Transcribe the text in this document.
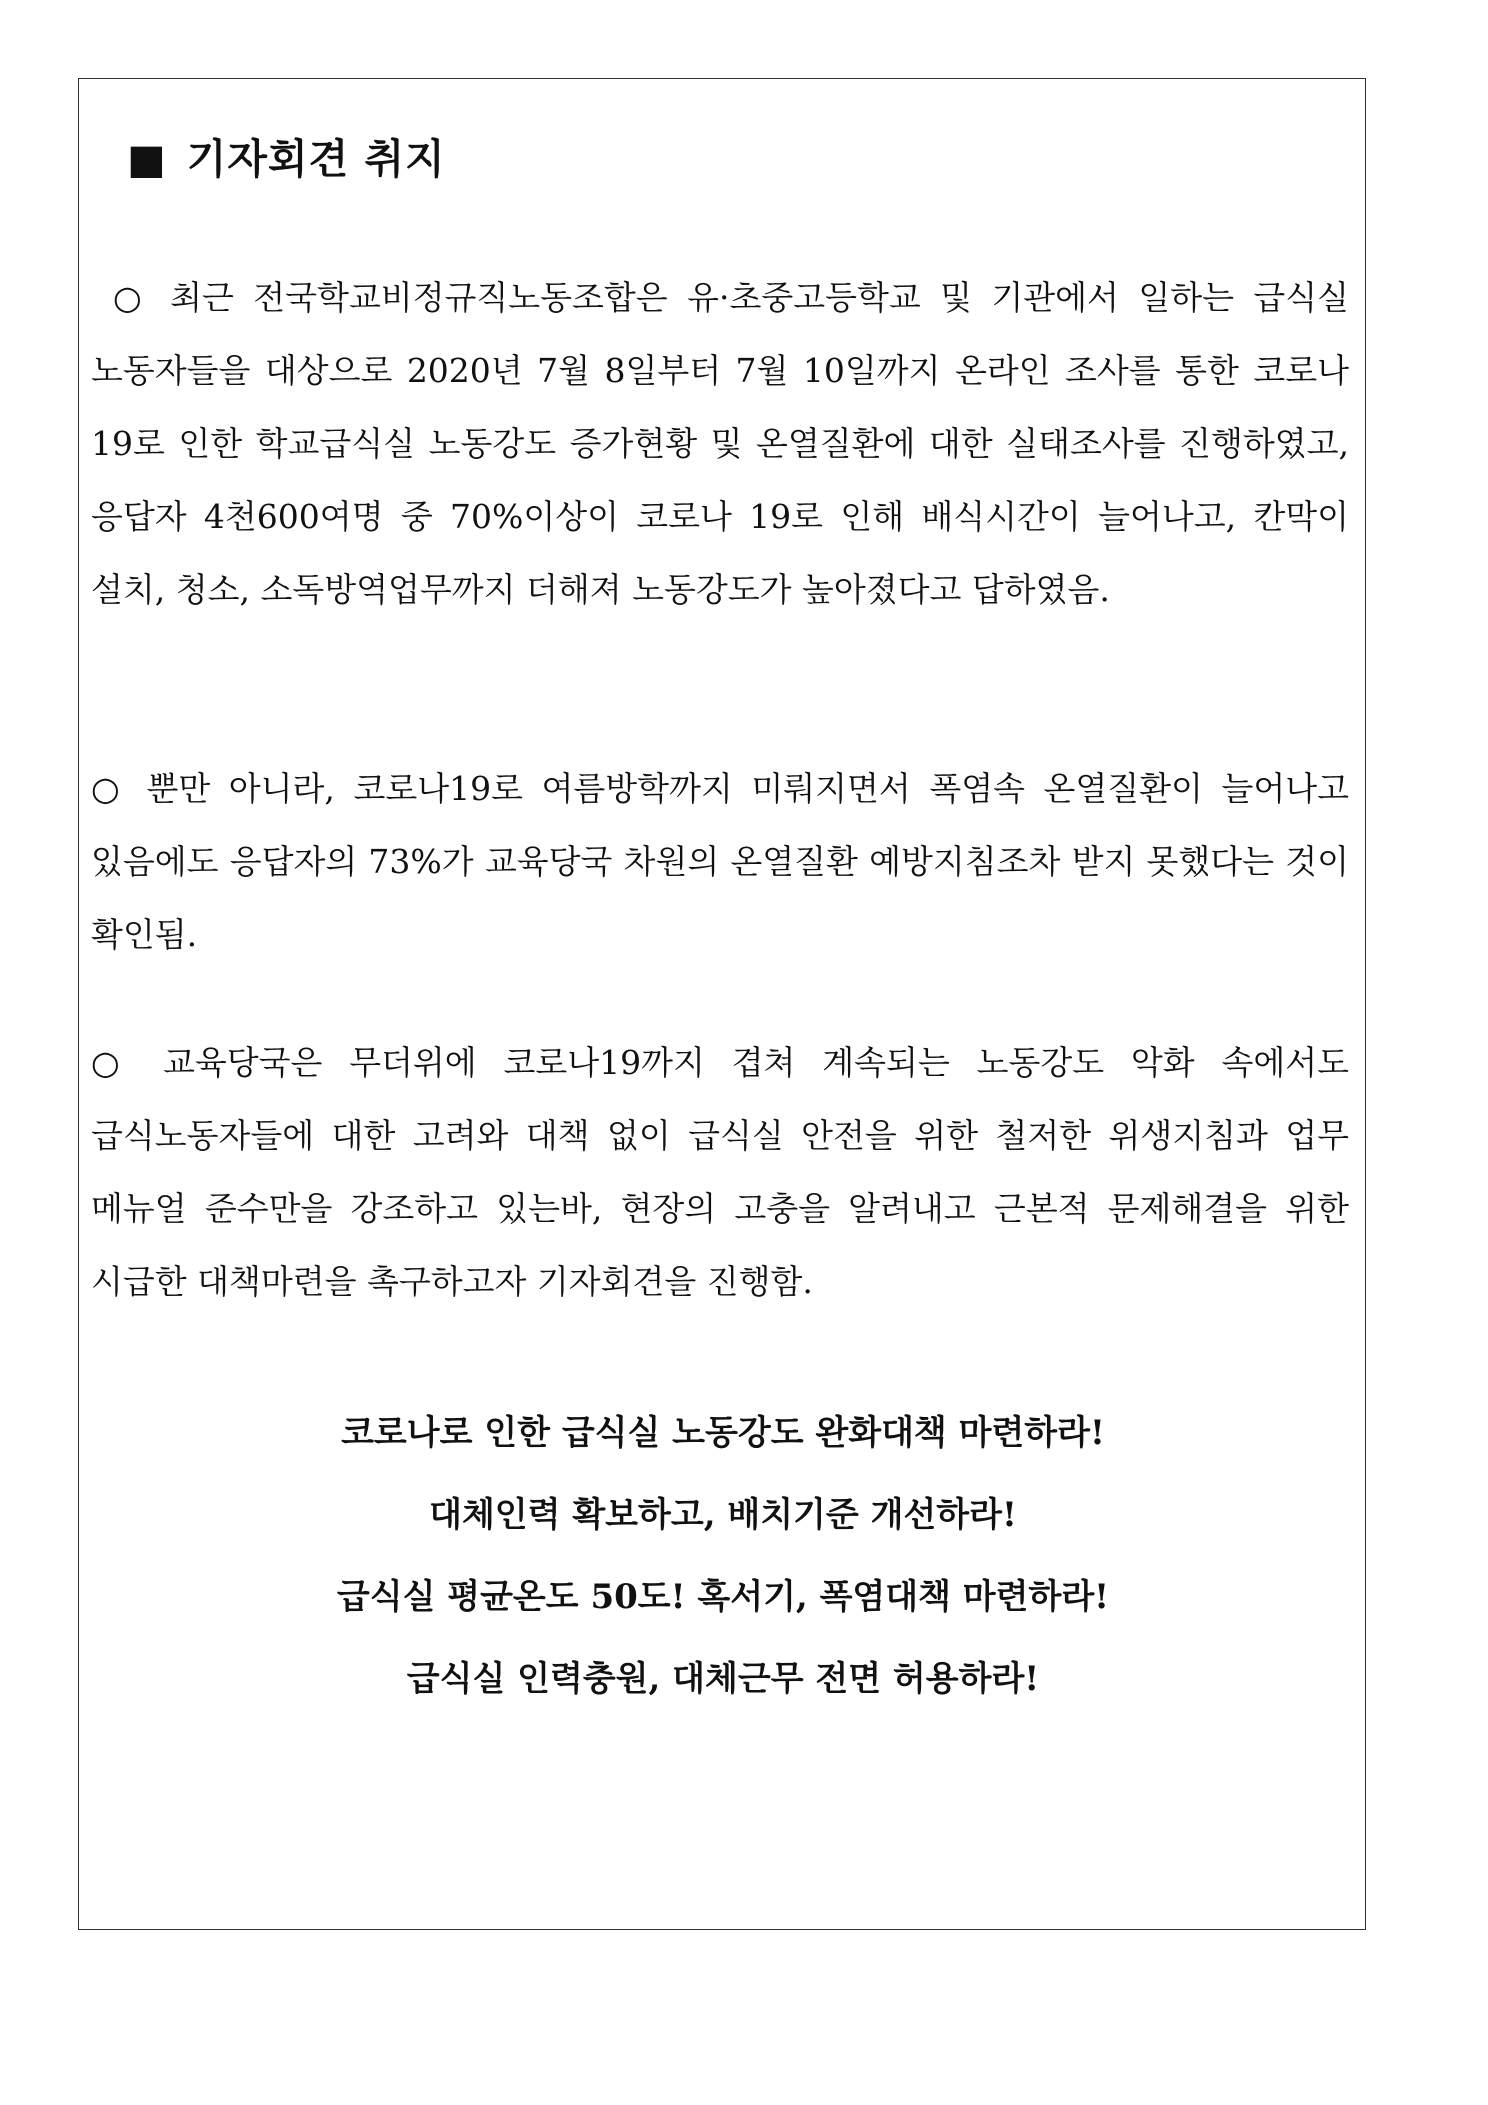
■ 기자회견 취지

○ 최근 전국학교비정규직노동조합은 유·초중고등학교 및 기관에서 일하는 급식실 노동자들을 대상으로 2020년 7월 8일부터 7월 10일까지 온라인 조사를 통한 코로나 19로 인한 학교급식실 노동강도 증가현황 및 온열질환에 대한 실태조사를 진행하였고, 응답자 4천600여명 중 70%이상이 코로나 19로 인해 배식시간이 늘어나고, 칸막이 설치, 청소, 소독방역업무까지 더해져 노동강도가 높아졌다고 답하였음.

○ 뿐만 아니라, 코로나19로 여름방학까지 미뤄지면서 폭염속 온열질환이 늘어나고 있음에도 응답자의 73%가 교육당국 차원의 온열질환 예방지침조차 받지 못했다는 것이 확인됨.

○ 교육당국은 무더위에 코로나19까지 겹쳐 계속되는 노동강도 악화 속에서도 급식노동자들에 대한 고려와 대책 없이 급식실 안전을 위한 철저한 위생지침과 업무 메뉴얼 준수만을 강조하고 있는바, 현장의 고충을 알려내고 근본적 문제해결을 위한 시급한 대책마련을 촉구하고자 기자회견을 진행함.

코로나로 인한 급식실 노동강도 완화대책 마련하라!

대체인력 확보하고, 배치기준 개선하라!

급식실 평균온도 50도! 혹서기, 폭염대책 마련하라!

급식실 인력충원, 대체근무 전면 허용하라!
